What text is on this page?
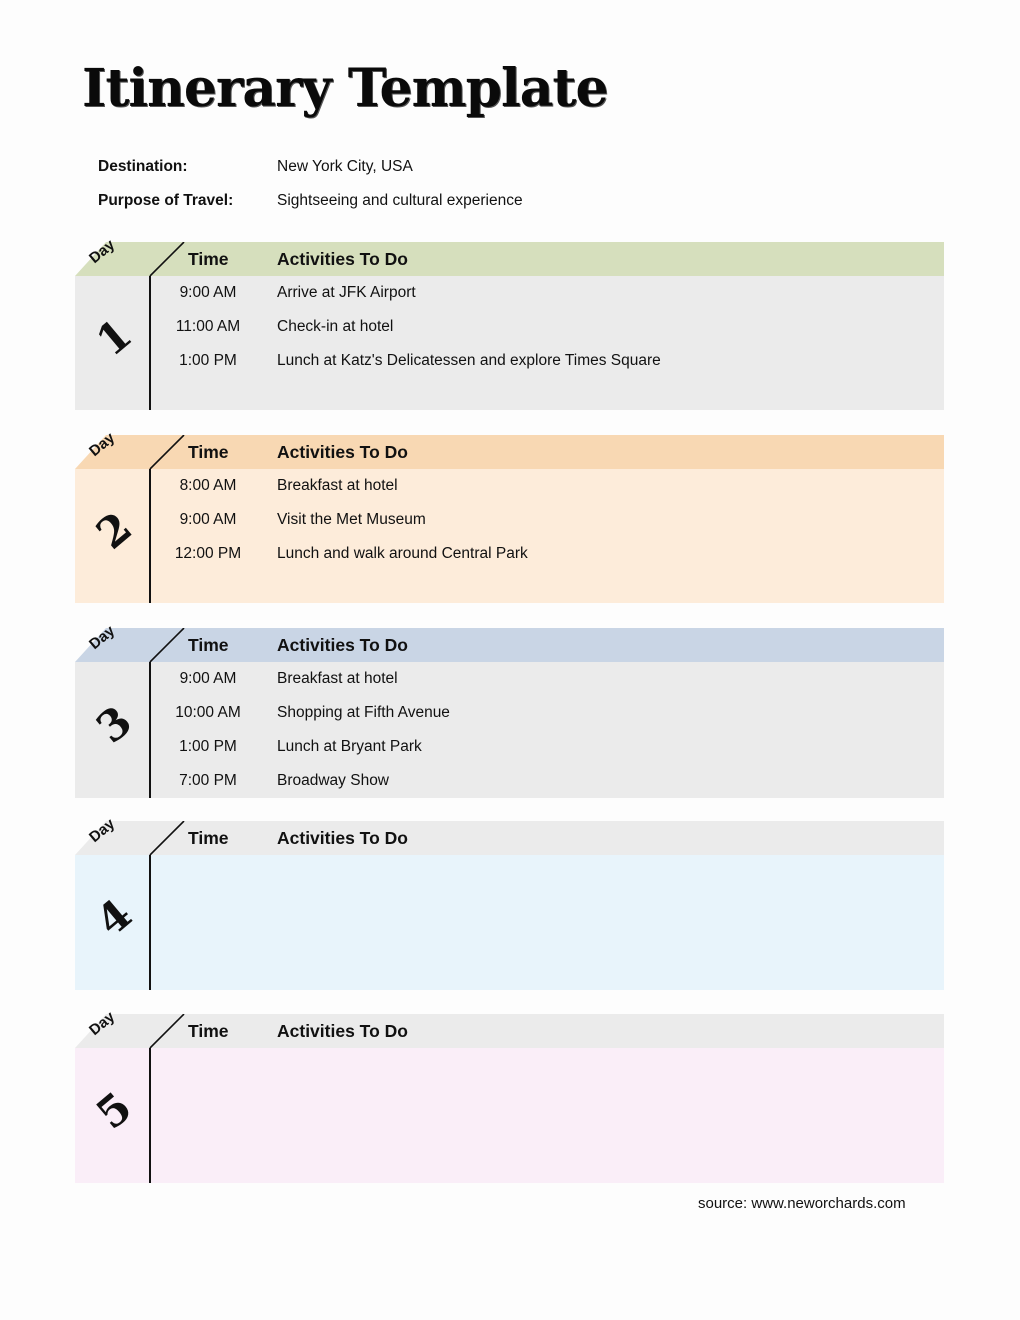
Itinerary Template
Destination:	New York City, USA
Purpose of Travel:	Sightseeing and cultural experience
Day	Time	Activities To Do
1
9:00 AM	Arrive at JFK Airport
11:00 AM	Check-in at hotel
1:00 PM	Lunch at Katz's Delicatessen and explore Times Square
Day	Time	Activities To Do
2
8:00 AM	Breakfast at hotel
9:00 AM	Visit the Met Museum
12:00 PM	Lunch and walk around Central Park
Day	Time	Activities To Do
3
9:00 AM	Breakfast at hotel
10:00 AM	Shopping at Fifth Avenue
1:00 PM	Lunch at Bryant Park
7:00 PM	Broadway Show
Day	Time	Activities To Do
4
Day	Time	Activities To Do
5
source: www.neworchards.com
